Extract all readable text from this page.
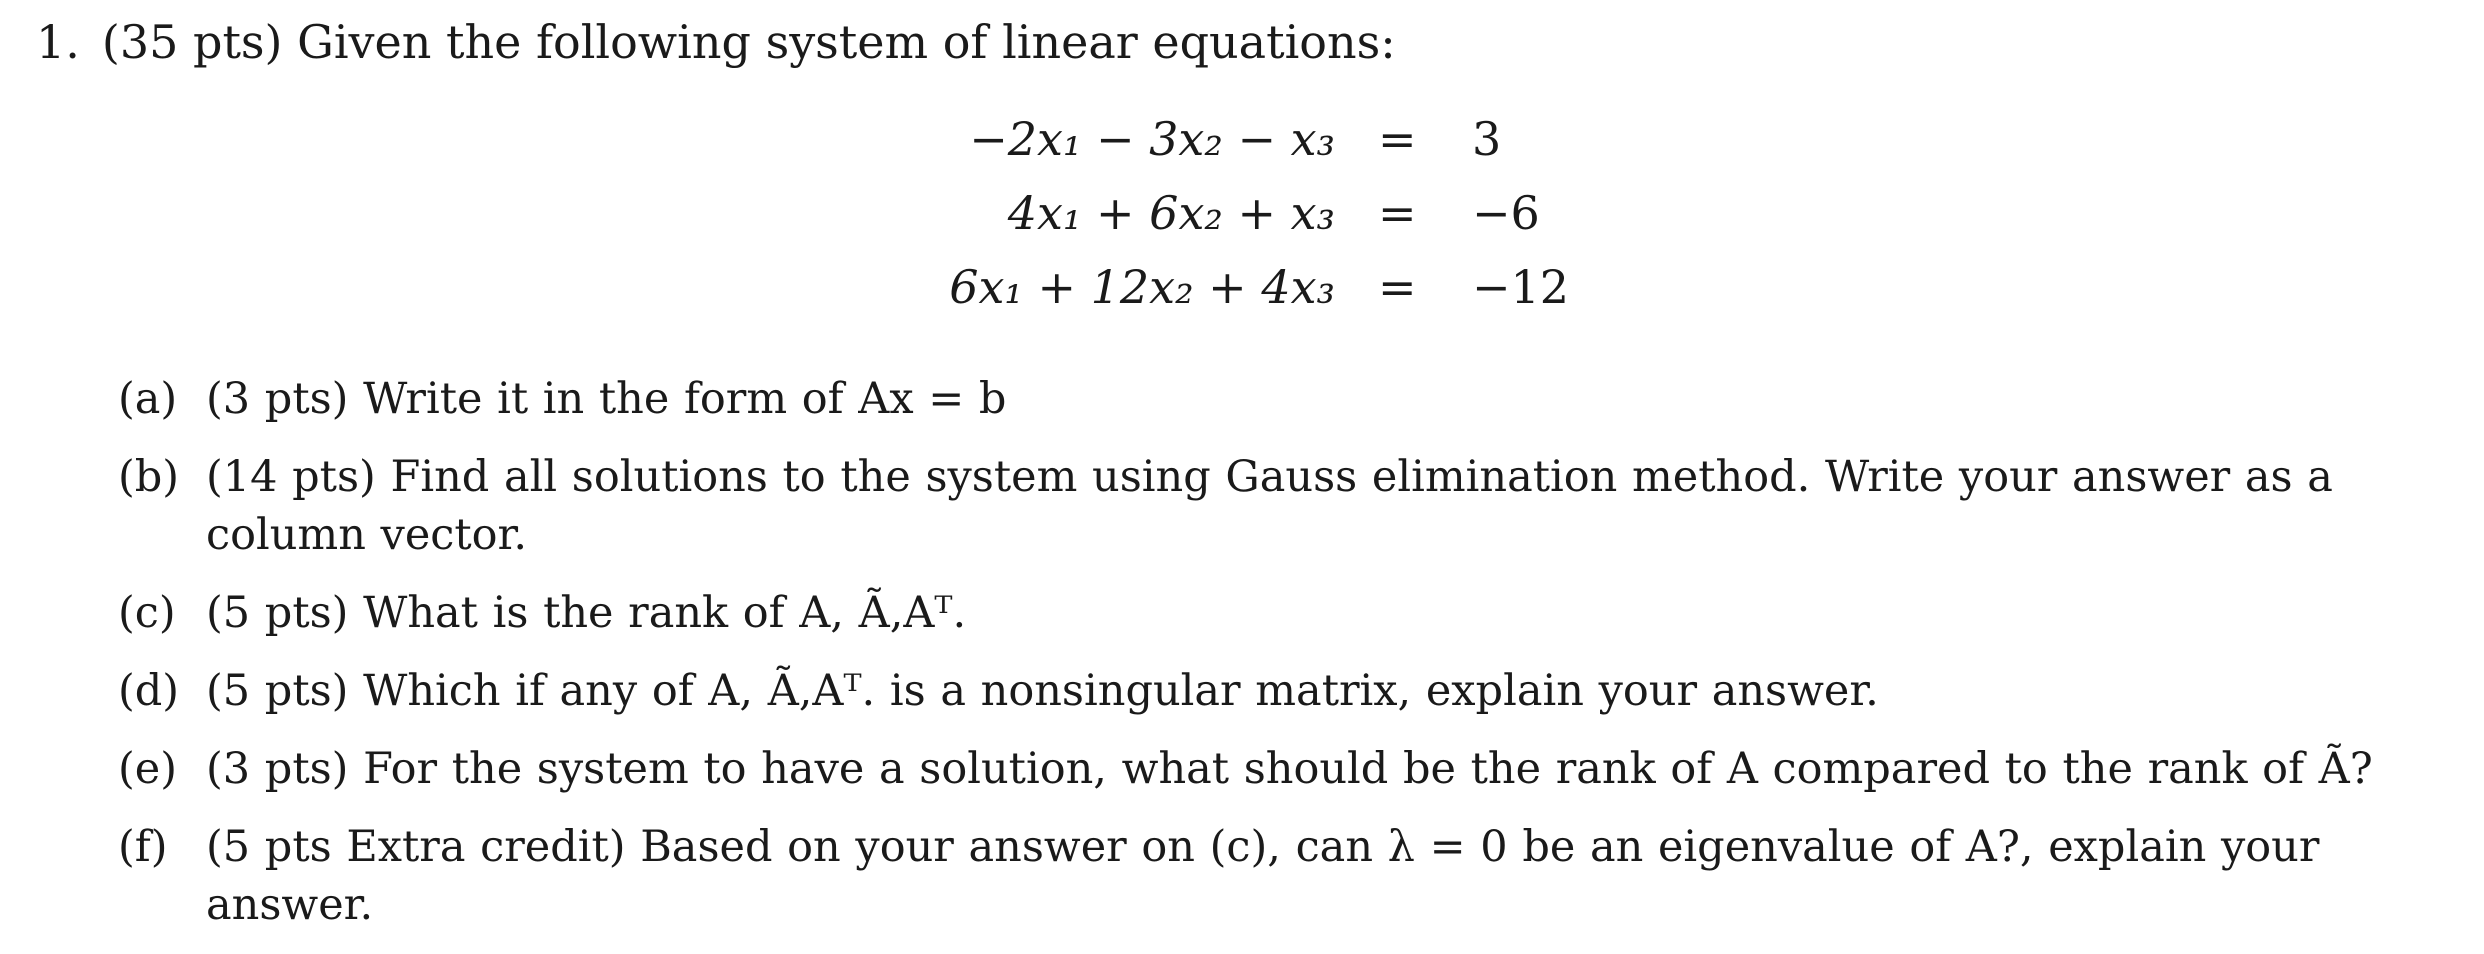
1. (35 pts) Given the following system of linear equations:
−2x₁ − 3x₂ − x₃ = 3
4x₁ + 6x₂ + x₃ = −6
6x₁ + 12x₂ + 4x₃ = −12
(a) (3 pts) Write it in the form of Ax = b
(b) (14 pts) Find all solutions to the system using Gauss elimination method. Write your answer as a column vector.
(c) (5 pts) What is the rank of A, Ã,Aᵀ.
(d) (5 pts) Which if any of A, Ã,Aᵀ. is a nonsingular matrix, explain your answer.
(e) (3 pts) For the system to have a solution, what should be the rank of A compared to the rank of Ã?
(f) (5 pts Extra credit) Based on your answer on (c), can λ = 0 be an eigenvalue of A?, explain your answer.
